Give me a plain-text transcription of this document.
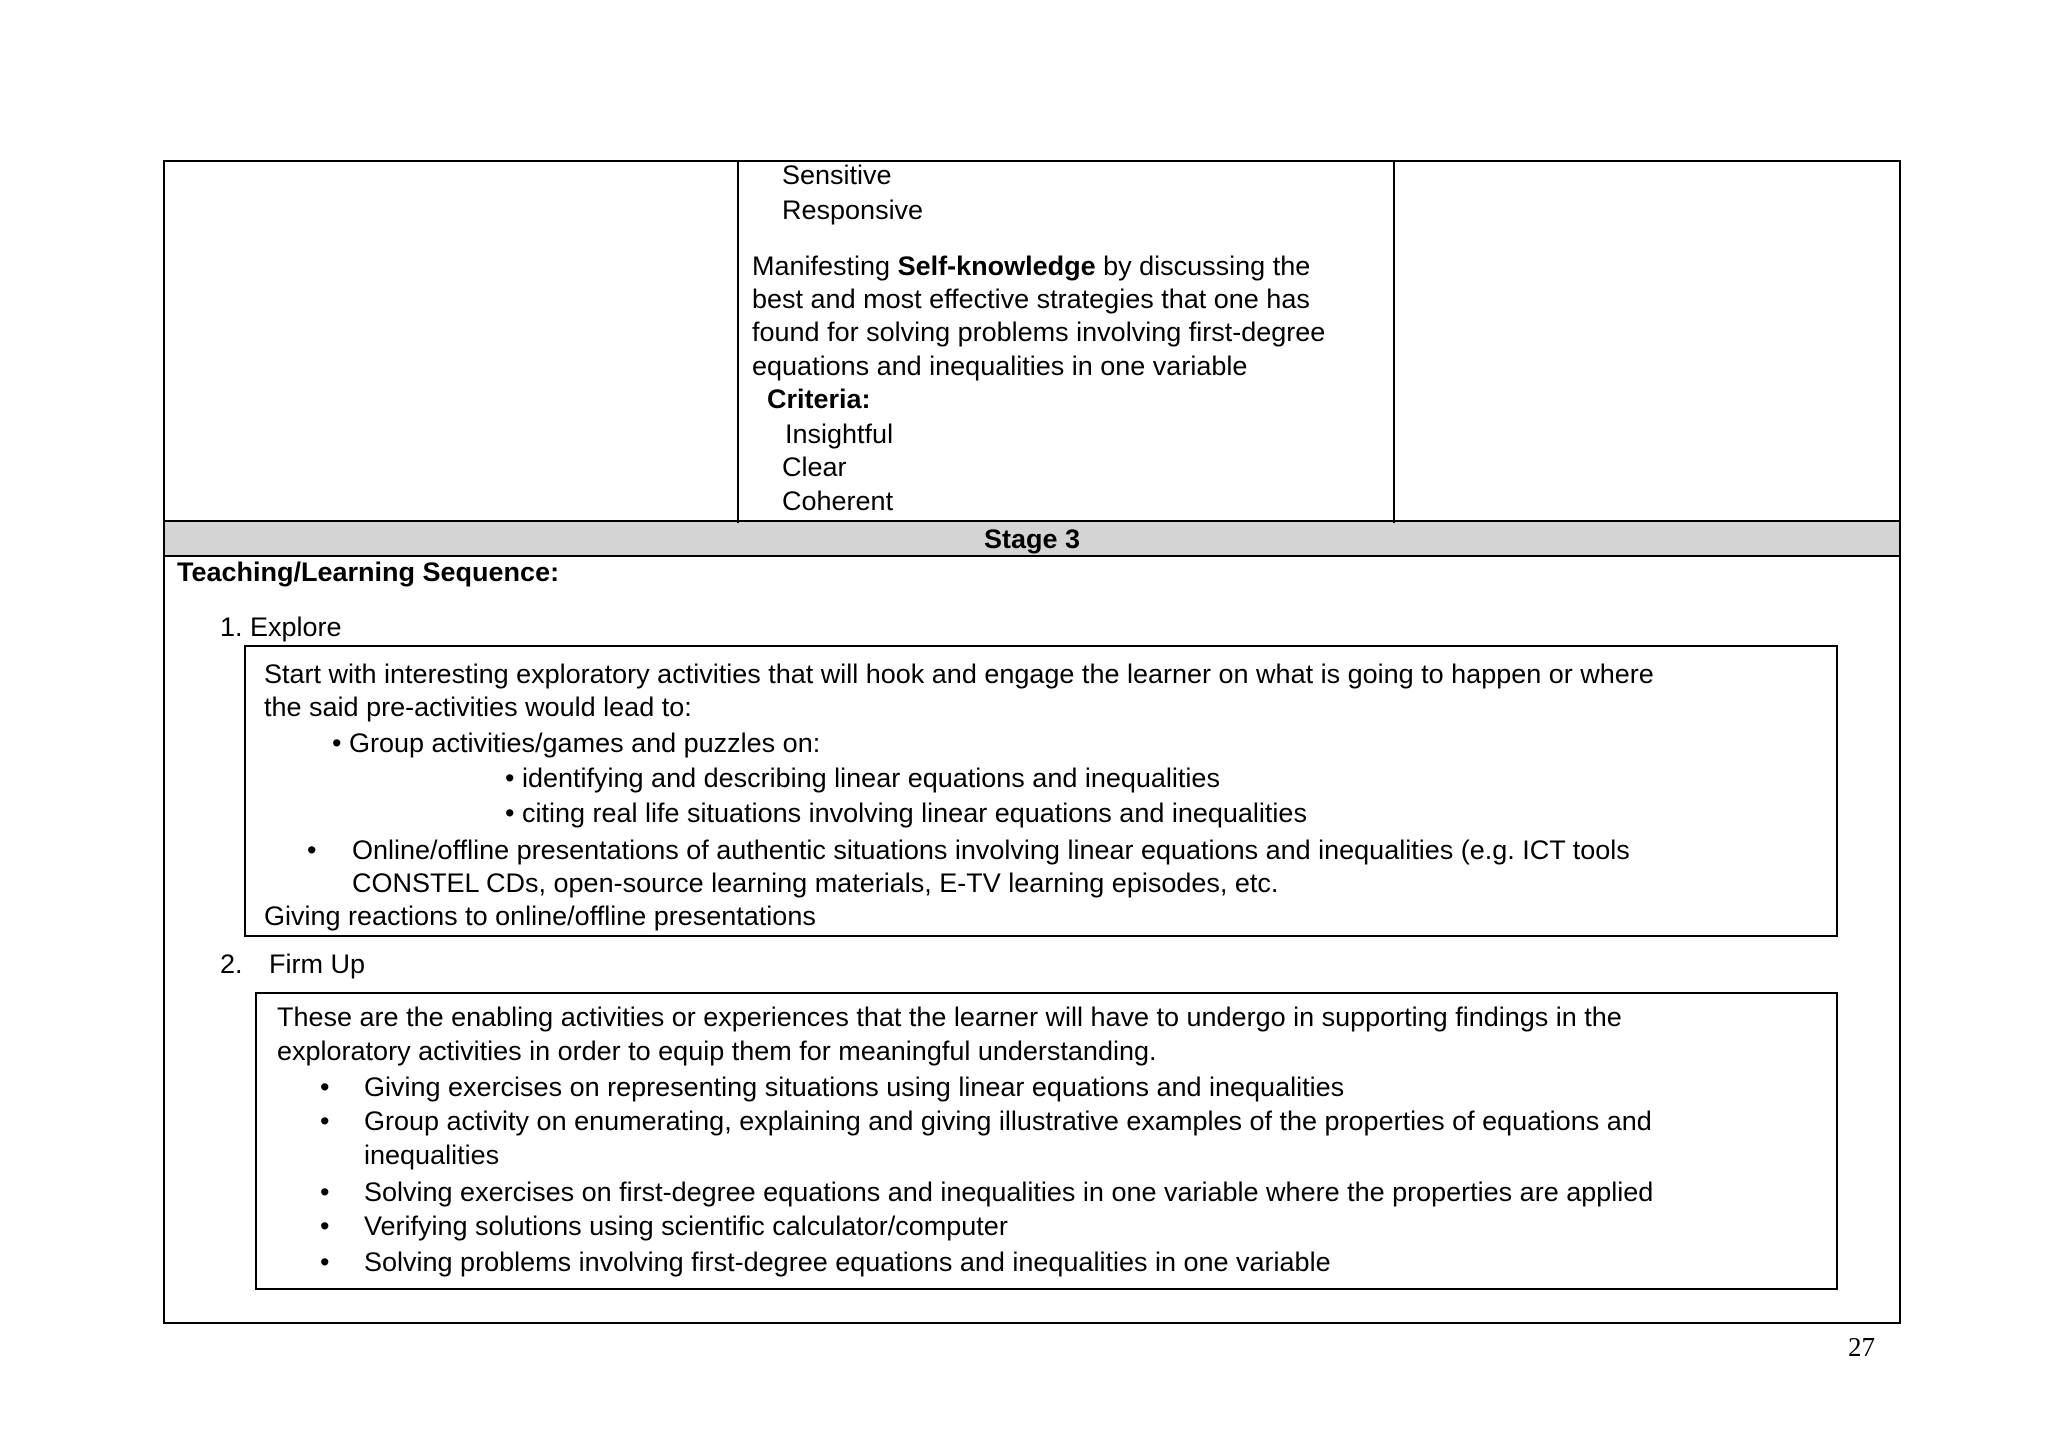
Sensitive
Responsive
Manifesting Self-knowledge by discussing the
best and most effective strategies that one has
found for solving problems involving first-degree
equations and inequalities in one variable
Criteria:
Insightful
Clear
Coherent
Stage 3
Teaching/Learning Sequence:
1. Explore
Start with interesting exploratory activities that will hook and engage the learner on what is going to happen or where
the said pre-activities would lead to:
• Group activities/games and puzzles on:
• identifying and describing linear equations and inequalities
• citing real life situations involving linear equations and inequalities
• Online/offline presentations of authentic situations involving linear equations and inequalities (e.g. ICT tools
CONSTEL CDs, open-source learning materials, E-TV learning episodes, etc.
Giving reactions to online/offline presentations
2. Firm Up
These are the enabling activities or experiences that the learner will have to undergo in supporting findings in the
exploratory activities in order to equip them for meaningful understanding.
• Giving exercises on representing situations using linear equations and inequalities
• Group activity on enumerating, explaining and giving illustrative examples of the properties of equations and
inequalities
• Solving exercises on first-degree equations and inequalities in one variable where the properties are applied
• Verifying solutions using scientific calculator/computer
• Solving problems involving first-degree equations and inequalities in one variable
27
